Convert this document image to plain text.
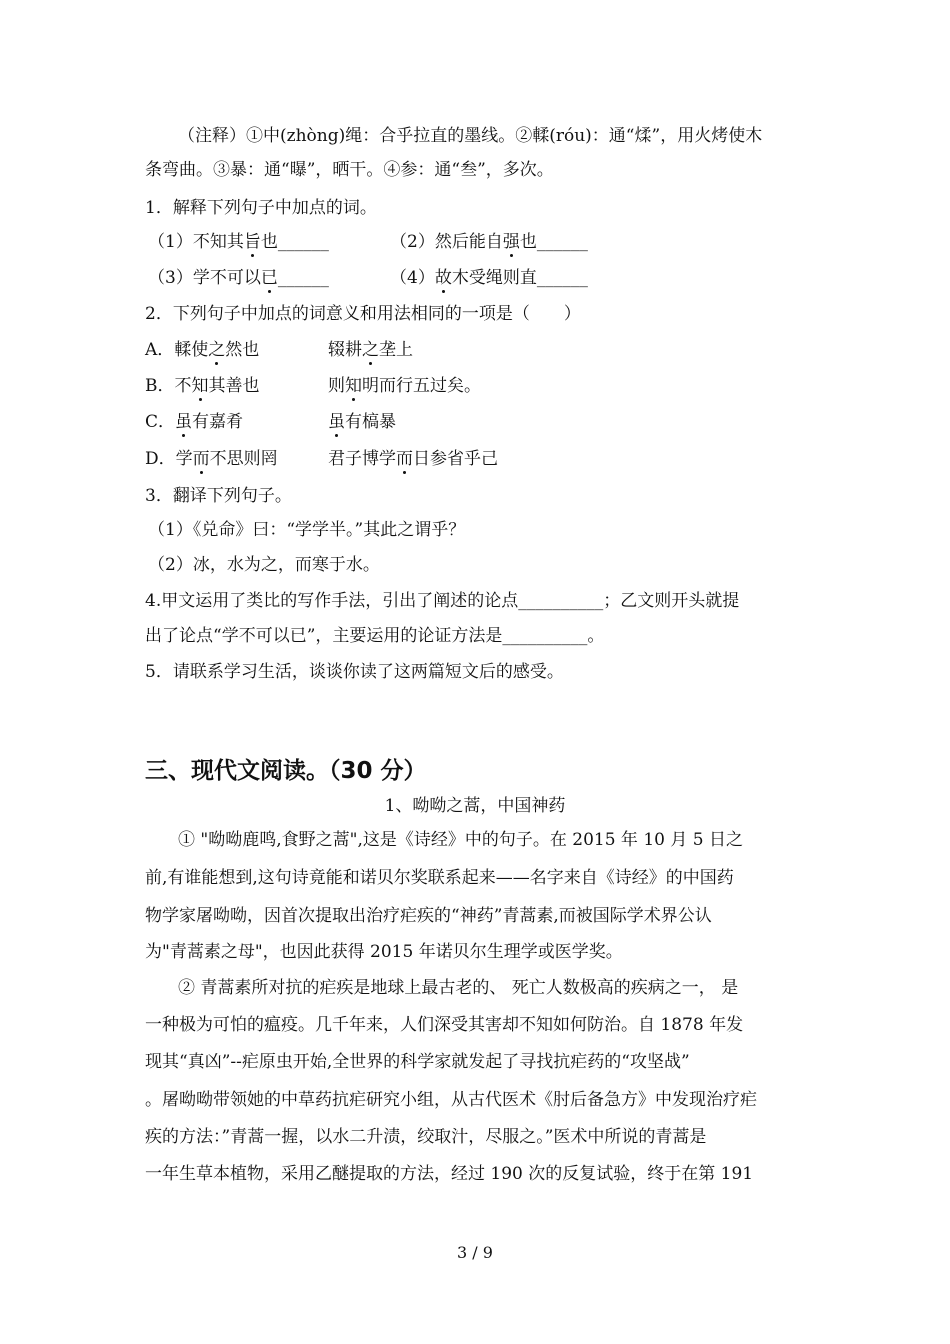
（注释）①中(zhòng)绳：合乎拉直的墨线。②輮(róu)：通“煣”，用火烤使木
条弯曲。③暴：通“曝”，晒干。④参：通“叁”，多次。
1．解释下列句子中加点的词。
（1）不知其旨也______	（2）然后能自强也______
（3）学不可以已______	（4）故木受绳则直______
2．下列句子中加点的词意义和用法相同的一项是（　　）
A．輮使之然也	辍耕之垄上
B．不知其善也	则知明而行五过矣。
C．虽有嘉肴	虽有槁暴
D．学而不思则罔	君子博学而日参省乎己
3．翻译下列句子。
（1）《兑命》曰：“学学半。”其此之谓乎？
（2）冰，水为之，而寒于水。
4.甲文运用了类比的写作手法，引出了阐述的论点__________；乙文则开头就提
出了论点“学不可以已”，主要运用的论证方法是__________。
5．请联系学习生活，谈谈你读了这两篇短文后的感受。
三、现代文阅读。（30 分）
1、呦呦之蒿，中国神药
① "呦呦鹿鸣,食野之蒿",这是《诗经》中的句子。在 2015 年 10 月 5 日之
前,有谁能想到,这句诗竟能和诺贝尔奖联系起来——名字来自《诗经》的中国药
物学家屠呦呦，因首次提取出治疗疟疾的“神药”青蒿素,而被国际学术界公认
为"青蒿素之母"，也因此获得 2015 年诺贝尔生理学或医学奖。
② 青蒿素所对抗的疟疾是地球上最古老的、 死亡人数极高的疾病之一， 是
一种极为可怕的瘟疫。几千年来，人们深受其害却不知如何防治。自 1878 年发
现其“真凶”--疟原虫开始,全世界的科学家就发起了寻找抗疟药的“攻坚战”
。屠呦呦带领她的中草药抗疟研究小组，从古代医术《肘后备急方》中发现治疗疟
疾的方法：”青蒿一握，以水二升渍，绞取汁，尽服之。”医术中所说的青蒿是
一年生草本植物，采用乙醚提取的方法，经过 190 次的反复试验，终于在第 191
3 / 9
